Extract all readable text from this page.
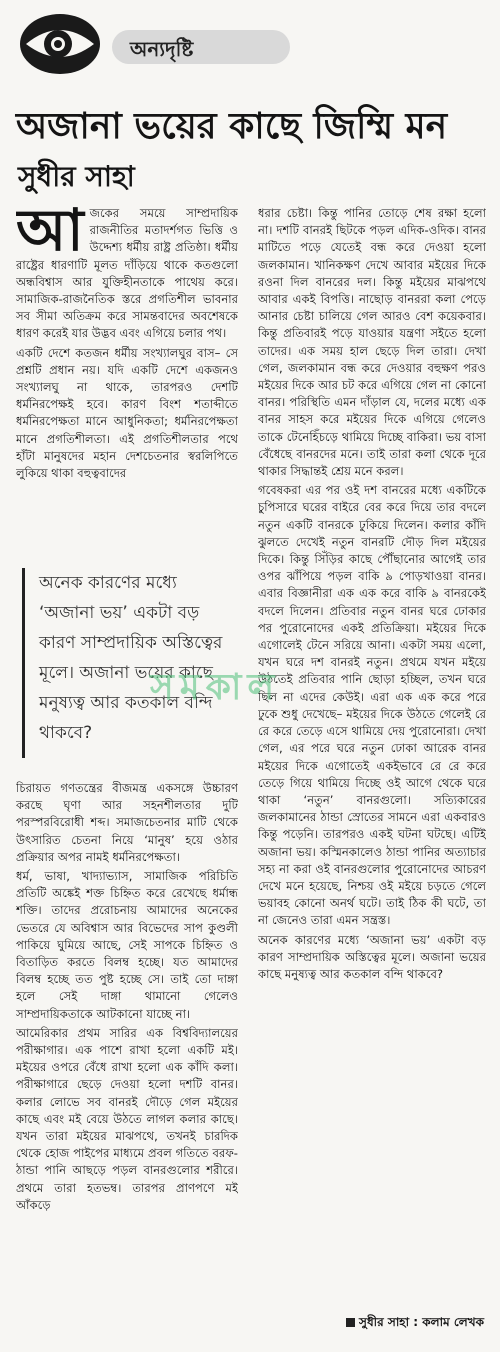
অন্যদৃষ্টি
অজানা ভয়ের কাছে জিম্মি মন
সুধীর সাহা
আ জকের সময়ে সাম্প্রদায়িক রাজনীতির মতাদর্শগত ভিত্তি ও উদ্দেশ্য ধর্মীয় রাষ্ট্র প্রতিষ্ঠা। ধর্মীয় রাষ্ট্রের ধারণাটি মূলত দাঁড়িয়ে থাকে কতগুলো অন্ধবিশ্বাস আর যুক্তিহীনতাকে পাথেয় করে। সামাজিক-রাজনৈতিক স্তরে প্রগতিশীল ভাবনার সব সীমা অতিক্রম করে সামন্তবাদের অবশেষকে ধারণ করেই যার উদ্ভব এবং এগিয়ে চলার পথ।

একটি দেশে কতজন ধর্মীয় সংখ্যালঘুর বাস– সে প্রশ্নটি প্রধান নয়। যদি একটি দেশে একজনও সংখ্যালঘু না থাকে, তারপরও দেশটি ধর্মনিরপেক্ষই হবে। কারণ বিংশ শতাব্দীতে ধর্মনিরপেক্ষতা মানে আধুনিকতা; ধর্মনিরপেক্ষতা মানে প্রগতিশীলতা। এই প্রগতিশীলতার পথে হাঁটা মানুষদের মহান দেশচেতনার স্বরলিপিতে লুকিয়ে থাকা বহুত্ববাদের

অনেক কারণের মধ্যে ‘অজানা ভয়’ একটা বড় কারণ সাম্প্রদায়িক অস্তিত্বের মূলে। অজানা ভয়ের কাছে মনুষ্যত্ব আর কতকাল বন্দি থাকবে?

চিরায়ত গণতন্ত্রের বীজমন্ত্র একসঙ্গে উচ্চারণ করছে ঘৃণা আর সহনশীলতার দুটি পরস্পরবিরোধী শব্দ। সমাজচেতনার মাটি থেকে উৎসারিত চেতনা নিয়ে ‘মানুষ’ হয়ে ওঠার প্রক্রিয়ার অপর নামই ধর্মনিরপেক্ষতা।

ধর্ম, ভাষা, খাদ্যাভ্যাস, সামাজিক পরিচিতি প্রতিটি অঙ্কেই শক্ত চিহ্নিত করে রেখেছে ধর্মান্ধ শক্তি। তাদের প্ররোচনায় আমাদের অনেকের ভেতরে যে অবিশ্বাস আর বিভেদের সাপ কুণ্ডলী পাকিয়ে ঘুমিয়ে আছে, সেই সাপকে চিহ্নিত ও বিতাড়িত করতে বিলম্ব হচ্ছে। যত আমাদের বিলম্ব হচ্ছে তত পুষ্ট হচ্ছে সে। তাই তো দাঙ্গা হলে সেই দাঙ্গা থামানো গেলেও সাম্প্রদায়িকতাকে আটকানো যাচ্ছে না।

আমেরিকার প্রথম সারির এক বিশ্ববিদ্যালয়ের পরীক্ষাগার। এক পাশে রাখা হলো একটি মই। মইয়ের ওপরে বেঁধে রাখা হলো এক কাঁদি কলা। পরীক্ষাগারে ছেড়ে দেওয়া হলো দশটি বানর। কলার লোভে সব বানরই দৌড়ে গেল মইয়ের কাছে এবং মই বেয়ে উঠতে লাগল কলার কাছে। যখন তারা মইয়ের মাঝপথে, তখনই চারদিক থেকে হোজ পাইপের মাধ্যমে প্রবল গতিতে বরফ-ঠান্ডা পানি আছড়ে পড়ল বানরগুলোর শরীরে। প্রথমে তারা হতভম্ব। তারপর প্রাণপণে মই আঁকড়ে

ধরার চেষ্টা। কিন্তু পানির তোড়ে শেষ রক্ষা হলো না। দশটি বানরই ছিটকে পড়ল এদিক-ওদিক। বানর মাটিতে পড়ে যেতেই বন্ধ করে দেওয়া হলো জলকামান। খানিকক্ষণ দেখে আবার মইয়ের দিকে রওনা দিল বানরের দল। কিন্তু মইয়ের মাঝপথে আবার একই বিপত্তি। নাছোড় বানররা কলা পেড়ে আনার চেষ্টা চালিয়ে গেল আরও বেশ কয়েকবার। কিন্তু প্রতিবারই পড়ে যাওয়ার যন্ত্রণা সইতে হলো তাদের। এক সময় হাল ছেড়ে দিল তারা। দেখা গেল, জলকামান বন্ধ করে দেওয়ার বহুক্ষণ পরও মইয়ের দিকে আর চট করে এগিয়ে গেল না কোনো বানর। পরিস্থিতি এমন দাঁড়াল যে, দলের মধ্যে এক বানর সাহস করে মইয়ের দিকে এগিয়ে গেলেও তাকে টেনেহিঁচড়ে থামিয়ে দিচ্ছে বাকিরা। ভয় বাসা বেঁধেছে বানরদের মনে। তাই তারা কলা থেকে দূরে থাকার সিদ্ধান্তই শ্রেয় মনে করল।

গবেষকরা এর পর ওই দশ বানরের মধ্যে একটিকে চুপিসারে ঘরের বাইরে বের করে দিয়ে তার বদলে নতুন একটি বানরকে ঢুকিয়ে দিলেন। কলার কাঁদি ঝুলতে দেখেই নতুন বানরটি দৌড় দিল মইয়ের দিকে। কিন্তু সিঁড়ির কাছে পৌঁছানোর আগেই তার ওপর ঝাঁপিয়ে পড়ল বাকি ৯ পোড়খাওয়া বানর। এবার বিজ্ঞানীরা এক এক করে বাকি ৯ বানরকেই বদলে দিলেন। প্রতিবার নতুন বানর ঘরে ঢোকার পর পুরোনোদের একই প্রতিক্রিয়া। মইয়ের দিকে এগোলেই টেনে সরিয়ে আনা। একটা সময় এলো, যখন ঘরে দশ বানরই নতুন। প্রথমে যখন মইয়ে উঠতেই প্রতিবার পানি ছোড়া হচ্ছিল, তখন ঘরে ছিল না এদের কেউই। এরা এক এক করে পরে ঢুকে শুধু দেখেছে– মইয়ের দিকে উঠতে গেলেই রে রে করে তেড়ে এসে থামিয়ে দেয় পুরোনোরা। দেখা গেল, এর পরে ঘরে নতুন ঢোকা আরেক বানর মইয়ের দিকে এগোতেই একইভাবে রে রে করে তেড়ে গিয়ে থামিয়ে দিচ্ছে ওই আগে থেকে ঘরে থাকা ‘নতুন’ বানরগুলো। সত্যিকারের জলকামানের ঠান্ডা স্রোতের সামনে এরা একবারও কিন্তু পড়েনি। তারপরও একই ঘটনা ঘটছে। এটিই অজানা ভয়। কস্মিনকালেও ঠান্ডা পানির অত্যাচার সহ্য না করা ওই বানরগুলোর পুরোনোদের আচরণ দেখে মনে হয়েছে, নিশ্চয় ওই মইয়ে চড়তে গেলে ভয়াবহ কোনো অনর্থ ঘটে। তাই ঠিক কী ঘটে, তা না জেনেও তারা এমন সন্ত্রস্ত।

অনেক কারণের মধ্যে ‘অজানা ভয়’ একটা বড় কারণ সাম্প্রদায়িক অস্তিত্বের মূলে। অজানা ভয়ের কাছে মনুষ্যত্ব আর কতকাল বন্দি থাকবে?

সমকাল
সুধীর সাহা : কলাম লেখক
